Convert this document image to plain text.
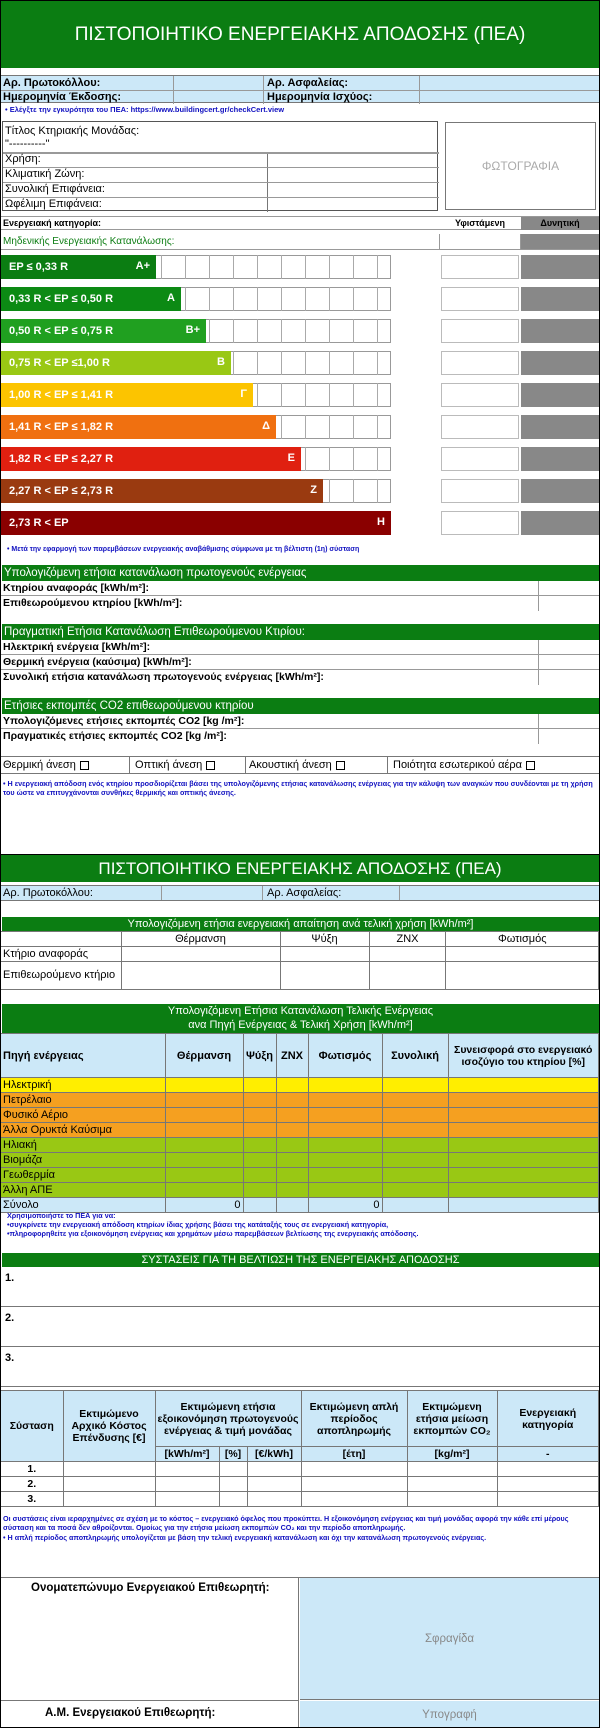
ΠΙΣΤΟΠΟΙΗΤΙΚΟ ΕΝΕΡΓΕΙΑΚΗΣ ΑΠΟΔΟΣΗΣ (ΠΕΑ)
Αρ. Πρωτοκόλλου:	Αρ. Ασφαλείας:
Ημερομηνία Έκδοσης:	Ημερομηνία Ισχύος:
• Ελέγξτε την εγκυρότητα του ΠΕΑ: https://www.buildingcert.gr/checkCert.view
Τίτλος Κτηριακής Μονάδας:
"----------"
Χρήση:
Κλιματική Ζώνη:
Συνολική Επιφάνεια:
Ωφέλιμη Επιφάνεια:
ΦΩΤΟΓΡΑΦΙΑ
Ενεργειακή κατηγορία:	Υφιστάμενη	Δυνητική
Μηδενικής Ενεργειακής Κατανάλωσης:
EP ≤ 0,33 R	A+
0,33 R < EP ≤ 0,50 R	A
0,50 R < EP ≤ 0,75 R	B+
0,75 R < EP ≤1,00 R	B
1,00 R < EP ≤ 1,41 R	Γ
1,41 R < EP ≤ 1,82 R	Δ
1,82 R < EP ≤ 2,27 R	Ε
2,27 R < EP ≤ 2,73 R	Ζ
2,73 R < EP	Η
• Μετά την εφαρμογή των παρεμβάσεων ενεργειακής αναβάθμισης σύμφωνα με τη βέλτιστη (1η) σύσταση
Υπολογιζόμενη ετήσια κατανάλωση πρωτογενούς ενέργειας
Κτηρίου αναφοράς [kWh/m²]:
Επιθεωρούμενου κτηρίου [kWh/m²]:
Πραγματική Ετήσια Κατανάλωση Επιθεωρούμενου Κτιρίου:
Ηλεκτρική ενέργεια [kWh/m²]:
Θερμική ενέργεια (καύσιμα) [kWh/m²]:
Συνολική ετήσια κατανάλωση πρωτογενούς ενέργειας [kWh/m²]:
Ετήσιες εκπομπές CO2 επιθεωρούμενου κτηρίου
Υπολογιζόμενες ετήσιες εκπομπές CO2 [kg /m²]:
Πραγματικές ετήσιες εκπομπές CO2 [kg /m²]:
Θερμική άνεση	Οπτική άνεση	Ακουστική άνεση	Ποιότητα εσωτερικού αέρα
• Η ενεργειακή απόδοση ενός κτηρίου προσδιορίζεται βάσει της υπολογιζόμενης ετήσιας κατανάλωσης ενέργειας για την κάλυψη των αναγκών που συνδέονται με τη χρήση του ώστε να επιτυγχάνονται συνθήκες θερμικής και οπτικής άνεσης.
ΠΙΣΤΟΠΟΙΗΤΙΚΟ ΕΝΕΡΓΕΙΑΚΗΣ ΑΠΟΔΟΣΗΣ (ΠΕΑ)
Αρ. Πρωτοκόλλου:	Αρ. Ασφαλείας:
Υπολογιζόμενη ετήσια ενεργειακή απαίτηση ανά τελική χρήση [kWh/m²]
	Θέρμανση	Ψύξη	ΖΝΧ	Φωτισμός
Κτήριο αναφοράς				
Επιθεωρούμενο κτήριο				
Υπολογιζόμενη Ετήσια Κατανάλωση Τελικής Ενέργειας
ανα Πηγή Ενέργειας & Τελική Χρήση [kWh/m²]
Πηγή ενέργειας	Θέρμανση	Ψύξη	ΖΝΧ	Φωτισμός	Συνολική	Συνεισφορά στο ενεργειακό ισοζύγιο του κτηρίου [%]
Ηλεκτρική						
Πετρέλαιο						
Φυσικό Αέριο						
Άλλα Ορυκτά Καύσιμα						
Ηλιακή						
Βιομάζα						
Γεωθερμία						
Άλλη ΑΠΕ						
Σύνολο	0			0		
Χρησιμοποιήστε το ΠΕΑ για να:
•συγκρίνετε την ενεργειακή απόδοση κτηρίων ίδιας χρήσης βάσει της κατάταξής τους σε ενεργειακή κατηγορία,
•πληροφορηθείτε για εξοικονόμηση ενέργειας και χρημάτων μέσω παρεμβάσεων βελτίωσης της ενεργειακής απόδοσης.
ΣΥΣΤΑΣΕΙΣ ΓΙΑ ΤΗ ΒΕΛΤΙΩΣΗ ΤΗΣ ΕΝΕΡΓΕΙΑΚΗΣ ΑΠΟΔΟΣΗΣ
1.
2.
3.
Σύσταση	Εκτιμώμενο Αρχικό Κόστος Επένδυσης [€]	Εκτιμώμενη ετήσια εξοικονόμηση πρωτογενούς ενέργειας & τιμή μονάδας			Εκτιμώμενη απλή περίοδος αποπληρωμής	Εκτιμώμενη ετήσια μείωση εκπομπών CO₂	Ενεργειακή κατηγορία
		[kWh/m²]	[%]	[€/kWh]	[έτη]	[kg/m²]	-
1.							
2.							
3.							
Οι συστάσεις είναι ιεραρχημένες σε σχέση με το κόστος – ενεργειακό όφελος που προκύπτει. Η εξοικονόμηση ενέργειας και τιμή μονάδας αφορά την κάθε επί μέρους σύσταση και τα ποσά δεν αθροίζονται. Ομοίως για την ετήσια μείωση εκπομπών CO₂ και την περίοδο αποπληρωμής.
• Η απλή περίοδος αποπληρωμής υπολογίζεται με βάση την τελική ενεργειακή κατανάλωση και όχι την κατανάλωση πρωτογενούς ενέργειας.
Ονοματεπώνυμο Ενεργειακού Επιθεωρητή:
Α.Μ. Ενεργειακού Επιθεωρητή:
Σφραγίδα
Υπογραφή
